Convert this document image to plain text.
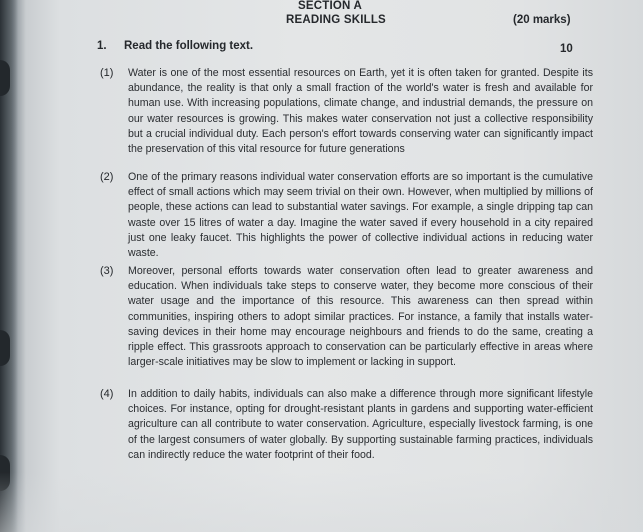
SECTION A
READING SKILLS	(20 marks)
1. Read the following text.	10
(1) Water is one of the most essential resources on Earth, yet it is often taken for granted. Despite its abundance, the reality is that only a small fraction of the world's water is fresh and available for human use. With increasing populations, climate change, and industrial demands, the pressure on our water resources is growing. This makes water conservation not just a collective responsibility but a crucial individual duty. Each person's effort towards conserving water can significantly impact the preservation of this vital resource for future generations
(2) One of the primary reasons individual water conservation efforts are so important is the cumulative effect of small actions which may seem trivial on their own. However, when multiplied by millions of people, these actions can lead to substantial water savings. For example, a single dripping tap can waste over 15 litres of water a day. Imagine the water saved if every household in a city repaired just one leaky faucet. This highlights the power of collective individual actions in reducing water waste.
(3) Moreover, personal efforts towards water conservation often lead to greater awareness and education. When individuals take steps to conserve water, they become more conscious of their water usage and the importance of this resource. This awareness can then spread within communities, inspiring others to adopt similar practices. For instance, a family that installs water-saving devices in their home may encourage neighbours and friends to do the same, creating a ripple effect. This grassroots approach to conservation can be particularly effective in areas where larger-scale initiatives may be slow to implement or lacking in support.
(4) In addition to daily habits, individuals can also make a difference through more significant lifestyle choices. For instance, opting for drought-resistant plants in gardens and supporting water-efficient agriculture can all contribute to water conservation. Agriculture, especially livestock farming, is one of the largest consumers of water globally. By supporting sustainable farming practices, individuals can indirectly reduce the water footprint of their food.
